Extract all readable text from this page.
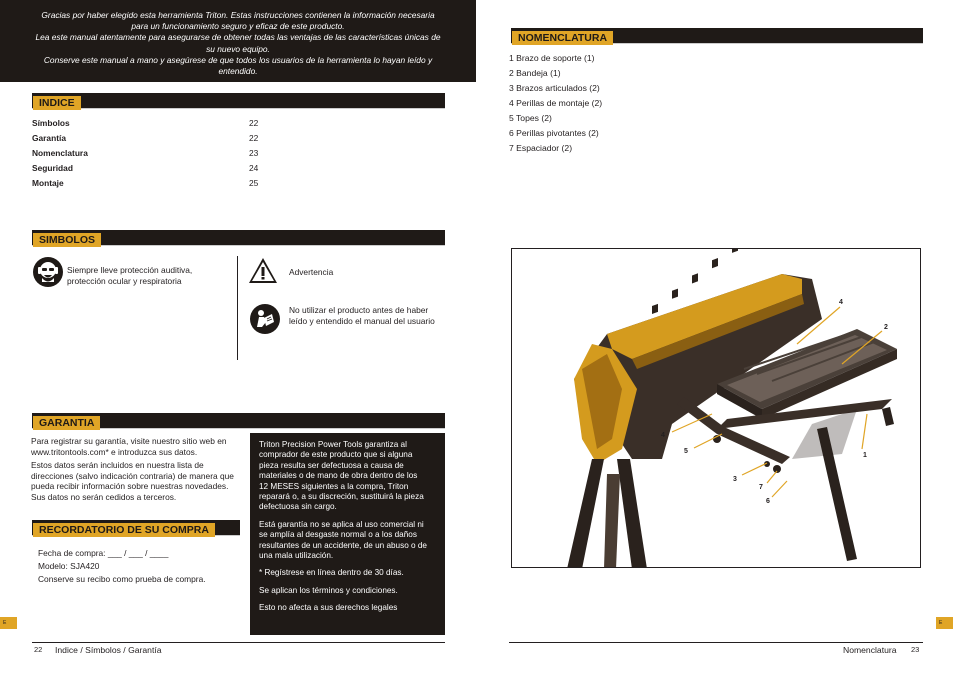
Gracias por haber elegido esta herramienta Triton. Estas instrucciones contienen la información necesaria

para un funcionamiento seguro y eficaz de este producto.

Lea este manual atentamente para asegurarse de obtener todas las ventajas de las características únicas de

su nuevo equipo.

Conserve este manual a mano y asegúrese de que todos los usuarios de la herramienta lo hayan leído y

entendido.

INDICE
Símbolos	22
Garantía	22
Nomenclatura	23
Seguridad	24
Montaje	25
SIMBOLOS
Siempre lleve protección auditiva,
protección ocular y respiratoria
Advertencia
No utilizar el producto antes de haber
leído y entendido el manual del usuario
GARANTIA
Para registrar su garantía, visite nuestro sitio web en
www.tritontools.com* e introduzca sus datos.
Estos datos serán incluidos en nuestra lista de
direcciones (salvo indicación contraria) de manera que
pueda recibir información sobre nuestras novedades.
Sus datos no serán cedidos a terceros.

Triton Precision Power Tools garantiza al
comprador de este producto que si alguna
pieza resulta ser defectuosa a causa de
materiales o de mano de obra dentro de los
12 MESES siguientes a la compra, Triton
reparará o, a su discreción, sustituirá la pieza
defectuosa sin cargo.

Está garantía no se aplica al uso comercial ni
se amplía al desgaste normal o a los daños
resultantes de un accidente, de un abuso o de
una mala utilización.

* Regístrese en línea dentro de 30 días.

Se aplican los términos y condiciones.

Esto no afecta a sus derechos legales

RECORDATORIO DE SU COMPRA
Fecha de compra: ___ / ___ / ____
Modelo: SJA420
Conserve su recibo como prueba de compra.
E
22 Indice / Símbolos / Garantía
NOMENCLATURA
1 Brazo de soporte (1)
2 Bandeja (1)
3 Brazos articulados (2)
4 Perillas de montaje (2)
5 Topes (2)
6 Perillas pivotantes (2)
7 Espaciador (2)
4
2
4
5
1
3
7
6
E
Nomenclatura 23
